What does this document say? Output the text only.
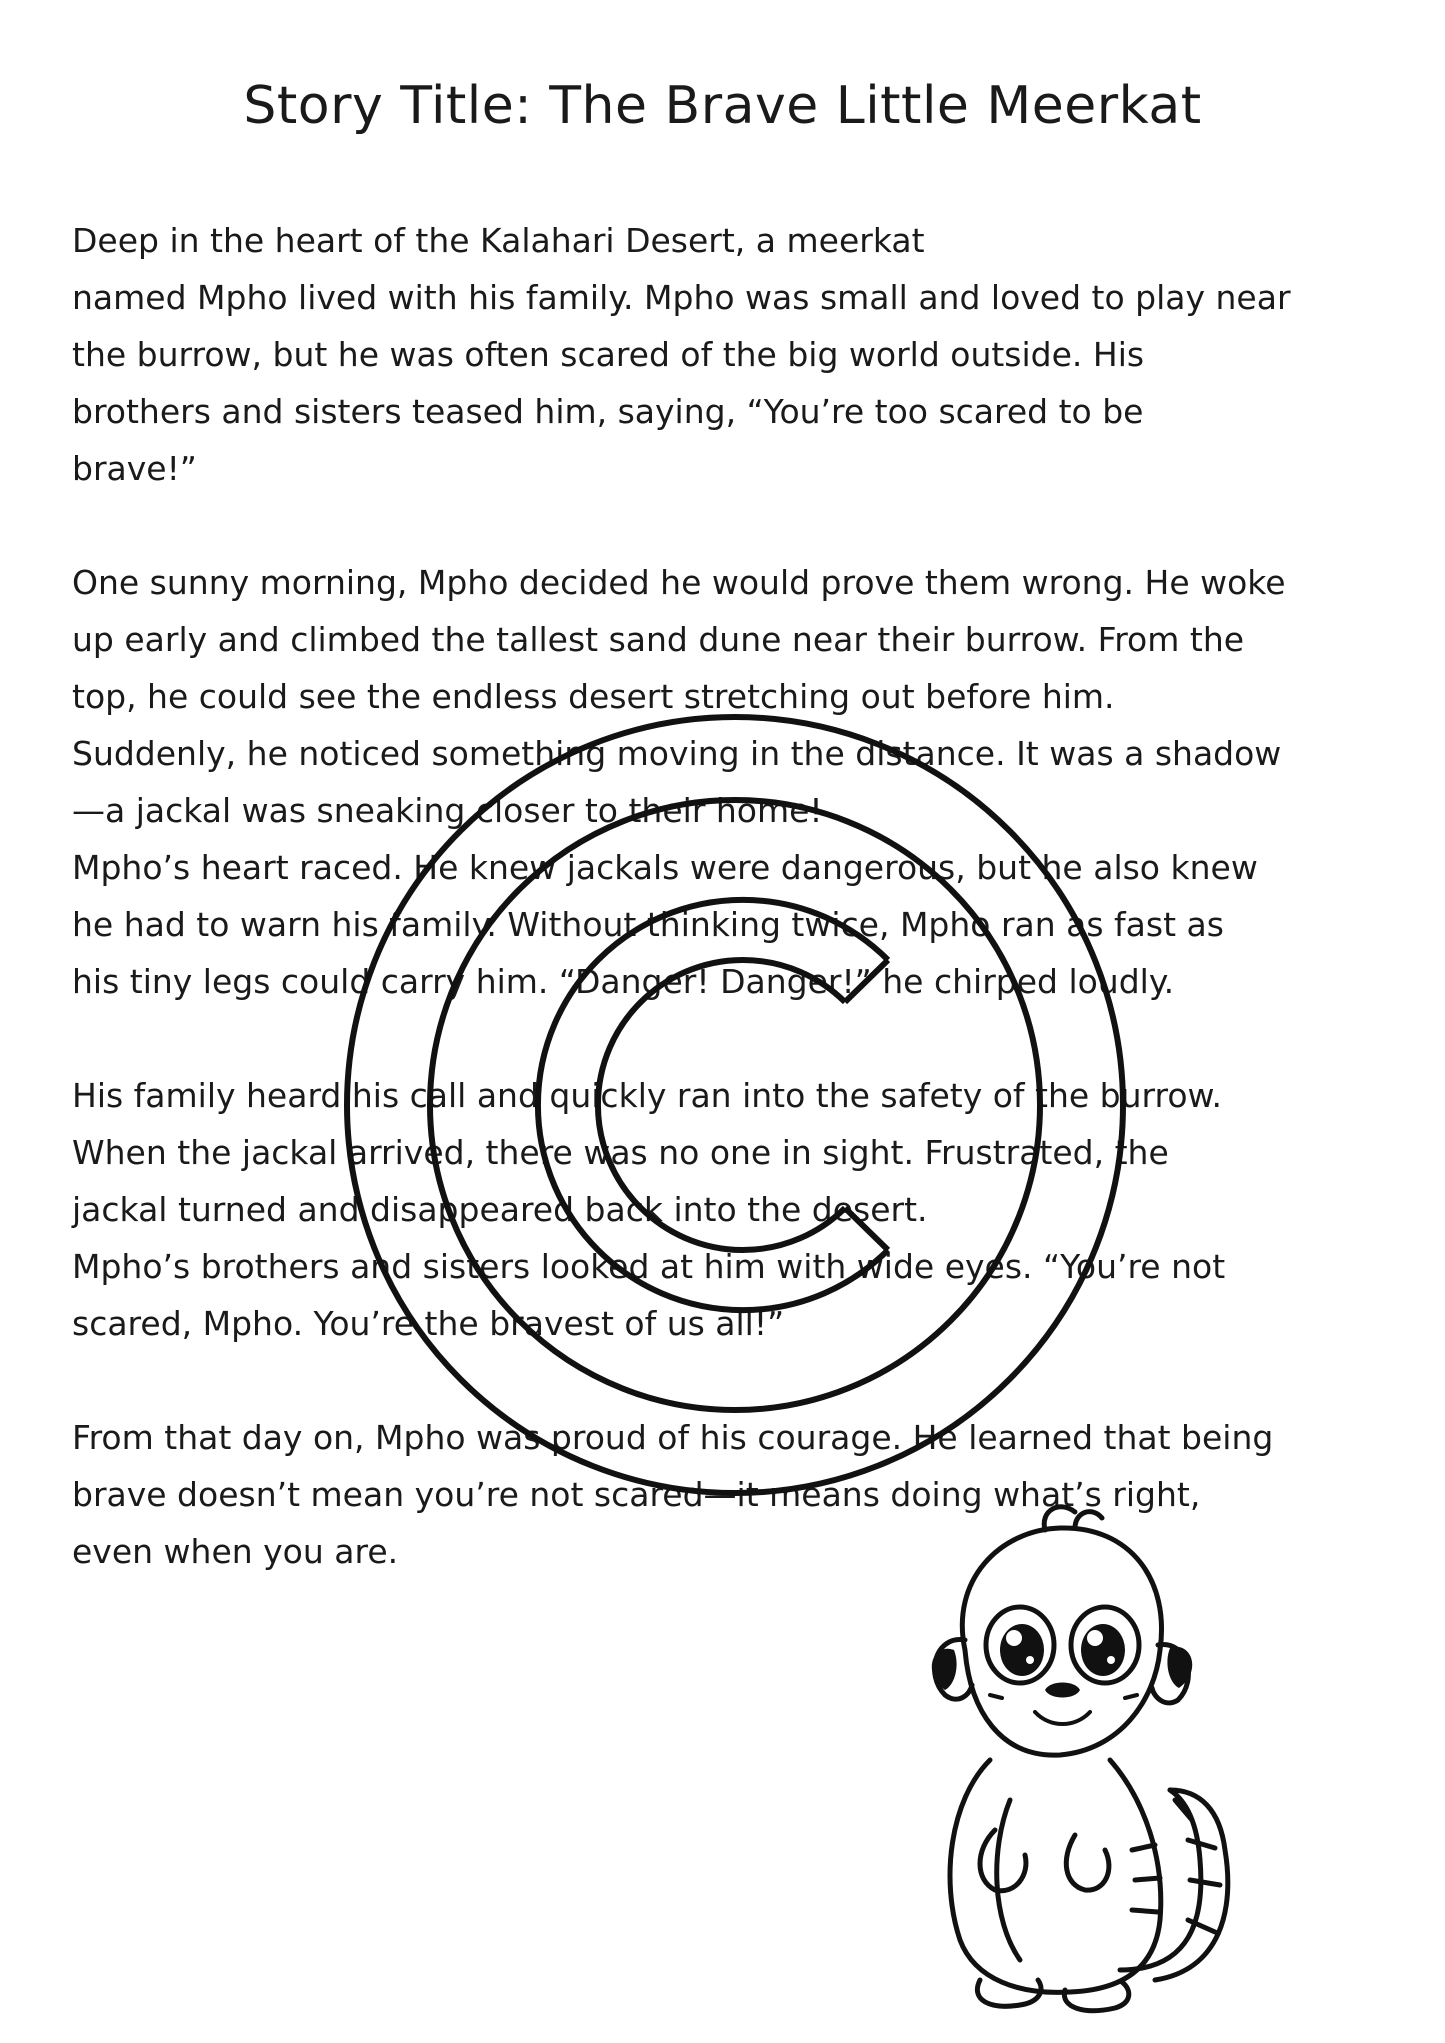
Story Title: The Brave Little Meerkat

Deep in the heart of the Kalahari Desert, a meerkat
named Mpho lived with his family. Mpho was small and loved to play near
the burrow, but he was often scared of the big world outside. His
brothers and sisters teased him, saying, “You’re too scared to be
brave!”

One sunny morning, Mpho decided he would prove them wrong. He woke
up early and climbed the tallest sand dune near their burrow. From the
top, he could see the endless desert stretching out before him.
Suddenly, he noticed something moving in the distance. It was a shadow
—a jackal was sneaking closer to their home!
Mpho’s heart raced. He knew jackals were dangerous, but he also knew
he had to warn his family. Without thinking twice, Mpho ran as fast as
his tiny legs could carry him. “Danger! Danger!” he chirped loudly.

His family heard his call and quickly ran into the safety of the burrow.
When the jackal arrived, there was no one in sight. Frustrated, the
jackal turned and disappeared back into the desert.
Mpho’s brothers and sisters looked at him with wide eyes. “You’re not
scared, Mpho. You’re the bravest of us all!”

From that day on, Mpho was proud of his courage. He learned that being
brave doesn’t mean you’re not scared—it means doing what’s right,
even when you are.
